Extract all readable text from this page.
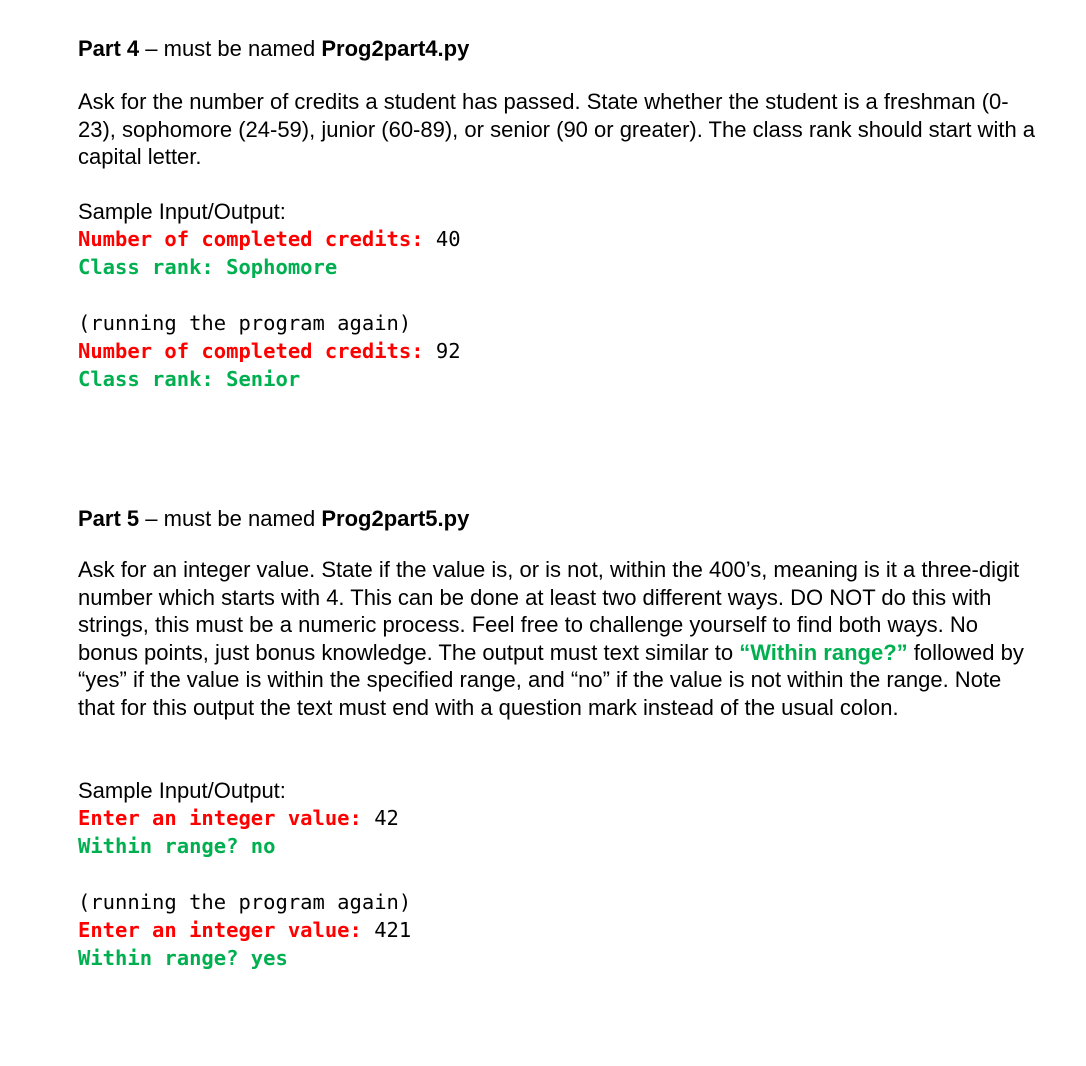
Part 4 – must be named Prog2part4.py
Ask for the number of credits a student has passed. State whether the student is a freshman (0-23), sophomore (24-59), junior (60-89), or senior (90 or greater). The class rank should start with a capital letter.
Sample Input/Output:
Number of completed credits: 40
Class rank: Sophomore

(running the program again)
Number of completed credits: 92
Class rank: Senior
Part 5 – must be named Prog2part5.py
Ask for an integer value. State if the value is, or is not, within the 400’s, meaning is it a three-digit number which starts with 4. This can be done at least two different ways. DO NOT do this with strings, this must be a numeric process. Feel free to challenge yourself to find both ways. No bonus points, just bonus knowledge. The output must text similar to “Within range?” followed by “yes” if the value is within the specified range, and “no” if the value is not within the range. Note that for this output the text must end with a question mark instead of the usual colon.
Sample Input/Output:
Enter an integer value: 42
Within range? no

(running the program again)
Enter an integer value: 421
Within range? yes
